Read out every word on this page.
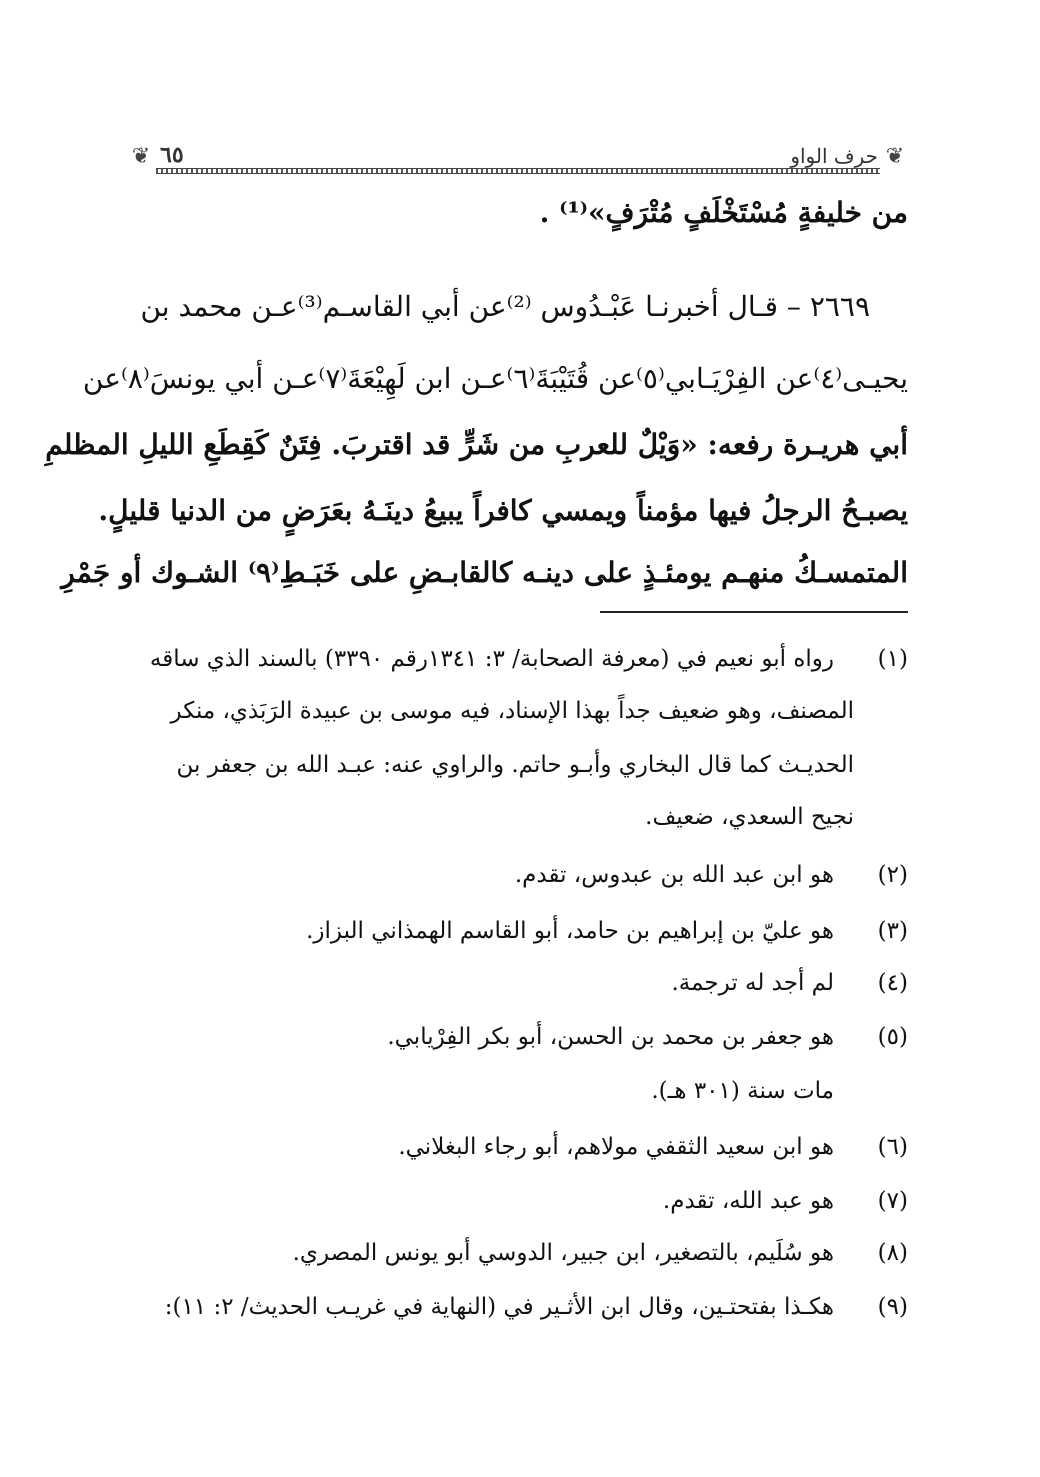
❦
حرف الواو
٦٥
❦
من خليفةٍ مُسْتَخْلَفٍ مُتْرَفٍ»⁽¹⁾ .
٢٦٦٩ – قـال أخبرنـا عَبْـدُوس ⁽²⁾عن أبي القاسـم⁽³⁾عـن محمد بن
يحيـى⁽٤⁾عن الفِرْيَـابي⁽٥⁾عن قُتَيْبَةَ⁽٦⁾عـن ابن لَهِيْعَةَ⁽٧⁾عـن أبي يونسَ⁽٨⁾عن
أبي هريـرة رفعه: «وَيْلٌ للعربِ من شَرٍّ قد اقتربَ. فِتَنٌ كَقِطَعِ الليلِ المظلمِ
يصبـحُ الرجلُ فيها مؤمناً ويمسي كافراً يبيعُ دينَـهُ بعَرَضٍ من الدنيا قليلٍ.
المتمسـكُ منهـم يومئـذٍ على دينـه كالقابـضِ على خَبَـطِ⁽٩⁾ الشـوك أو جَمْرِ
(١)
رواه أبو نعيم في (معرفة الصحابة/ ٣: ١٣٤١رقم ٣٣٩٠) بالسند الذي ساقه
المصنف، وهو ضعيف جداً بهذا الإسناد، فيه موسى بن عبيدة الرَبَذي، منكر
الحديـث كما قال البخاري وأبـو حاتم. والراوي عنه: عبـد الله بن جعفر بن
نجيح السعدي، ضعيف.
(٢)
هو ابن عبد الله بن عبدوس، تقدم.
(٣)
هو عليّ بن إبراهيم بن حامد، أبو القاسم الهمذاني البزاز.
(٤)
لم أجد له ترجمة.
(٥)
هو جعفر بن محمد بن الحسن، أبو بكر الفِرْيابي.
مات سنة (٣٠١ هـ).
(٦)
هو ابن سعيد الثقفي مولاهم، أبو رجاء البغلاني.
(٧)
هو عبد الله، تقدم.
(٨)
هو سُلَيم، بالتصغير، ابن جبير، الدوسي أبو يونس المصري.
(٩)
هكـذا بفتحتـين، وقال ابن الأثـير في (النهاية في غريـب الحديث/ ٢: ١١):
